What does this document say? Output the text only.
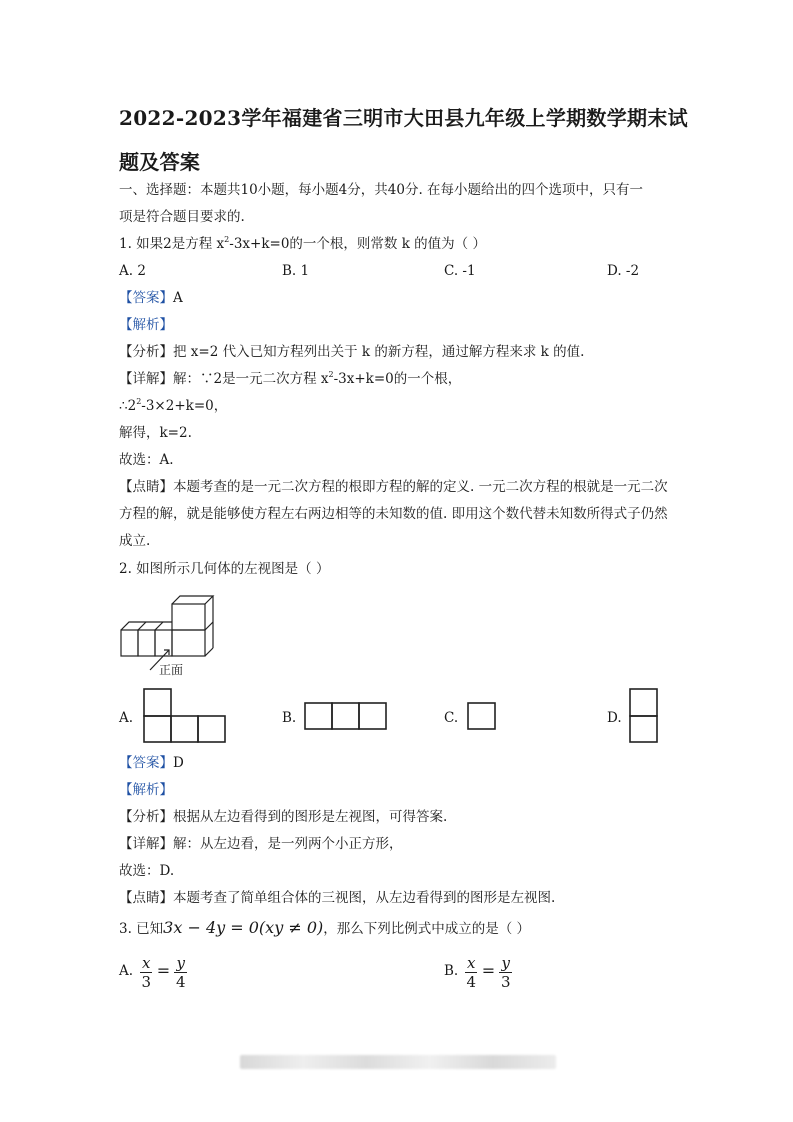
2022-2023学年福建省三明市大田县九年级上学期数学期末试题及答案
一、选择题：本题共10小题，每小题4分，共40分. 在每小题给出的四个选项中，只有一
项是符合题目要求的.
1. 如果2是方程 $x^2-3x+k=0$的一个根，则常数 k 的值为（ ）
A. 2	B. 1	C. -1	D. -2
【答案】A
【解析】
【分析】把 x=2 代入已知方程列出关于 k 的新方程，通过解方程来求 k 的值.
【详解】解：∵2是一元二次方程 $x^2-3x+k=0$的一个根，
$\therefore 2^2-3\times 2+k=0$，
解得，k=2.
故选：A.
【点睛】本题考查的是一元二次方程的根即方程的解的定义. 一元二次方程的根就是一元二次方程的解，就是能够使方程左右两边相等的未知数的值. 即用这个数代替未知数所得式子仍然成立.
2. 如图所示几何体的左视图是（ ）
正面
A.	B.	C.	D.
【答案】D
【解析】
【分析】根据从左边看得到的图形是左视图，可得答案.
【详解】解：从左边看，是一列两个小正方形，
故选：D.
【点睛】本题考查了简单组合体的三视图，从左边看得到的图形是左视图.
3. 已知3x − 4y = 0(xy ≠ 0)，那么下列比例式中成立的是（ ）
A. $\frac{x}{3} = \frac{y}{4}$	B. $\frac{x}{4} = \frac{y}{3}$
